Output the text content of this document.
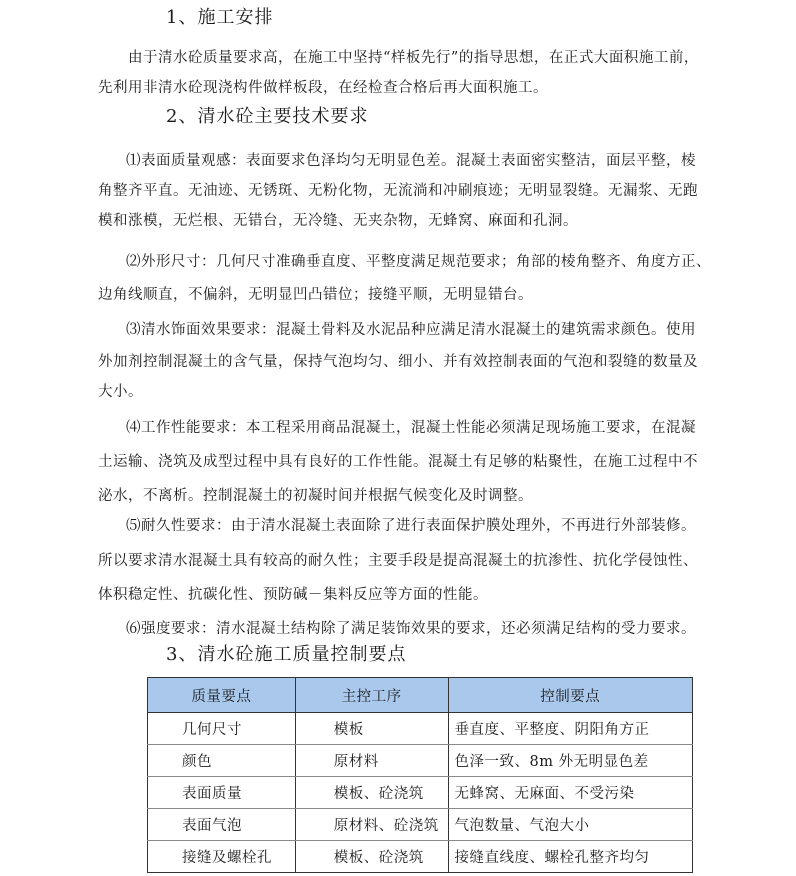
1、施工安排
由于清水砼质量要求高，在施工中坚持“样板先行”的指导思想，在正式大面积施工前，
先利用非清水砼现浇构件做样板段，在经检查合格后再大面积施工。
2、清水砼主要技术要求
⑴表面质量观感：表面要求色泽均匀无明显色差。混凝土表面密实整洁，面层平整，棱
角整齐平直。无油迹、无锈斑、无粉化物，无流淌和冲刷痕迹；无明显裂缝。无漏浆、无跑
模和涨模，无烂根、无错台，无冷缝、无夹杂物，无蜂窝、麻面和孔洞。
⑵外形尺寸：几何尺寸准确垂直度、平整度满足规范要求；角部的棱角整齐、角度方正、
边角线顺直，不偏斜，无明显凹凸错位；接缝平顺，无明显错台。
⑶清水饰面效果要求：混凝土骨料及水泥品种应满足清水混凝土的建筑需求颜色。使用
外加剂控制混凝土的含气量，保持气泡均匀、细小、并有效控制表面的气泡和裂缝的数量及
大小。
⑷工作性能要求：本工程采用商品混凝土，混凝土性能必须满足现场施工要求，在混凝
土运输、浇筑及成型过程中具有良好的工作性能。混凝土有足够的粘聚性，在施工过程中不
泌水，不离析。控制混凝土的初凝时间并根据气候变化及时调整。
⑸耐久性要求：由于清水混凝土表面除了进行表面保护膜处理外，不再进行外部装修。
所以要求清水混凝土具有较高的耐久性；主要手段是提高混凝土的抗渗性、抗化学侵蚀性、
体积稳定性、抗碳化性、预防碱－集料反应等方面的性能。
⑹强度要求：清水混凝土结构除了满足装饰效果的要求，还必须满足结构的受力要求。
3、清水砼施工质量控制要点
质量要点	主控工序	控制要点
几何尺寸	模板	垂直度、平整度、阴阳角方正
颜色	原材料	色泽一致、8m 外无明显色差
表面质量	模板、砼浇筑	无蜂窝、无麻面、不受污染
表面气泡	原材料、砼浇筑	气泡数量、气泡大小
接缝及螺栓孔	模板、砼浇筑	接缝直线度、螺栓孔整齐均匀
